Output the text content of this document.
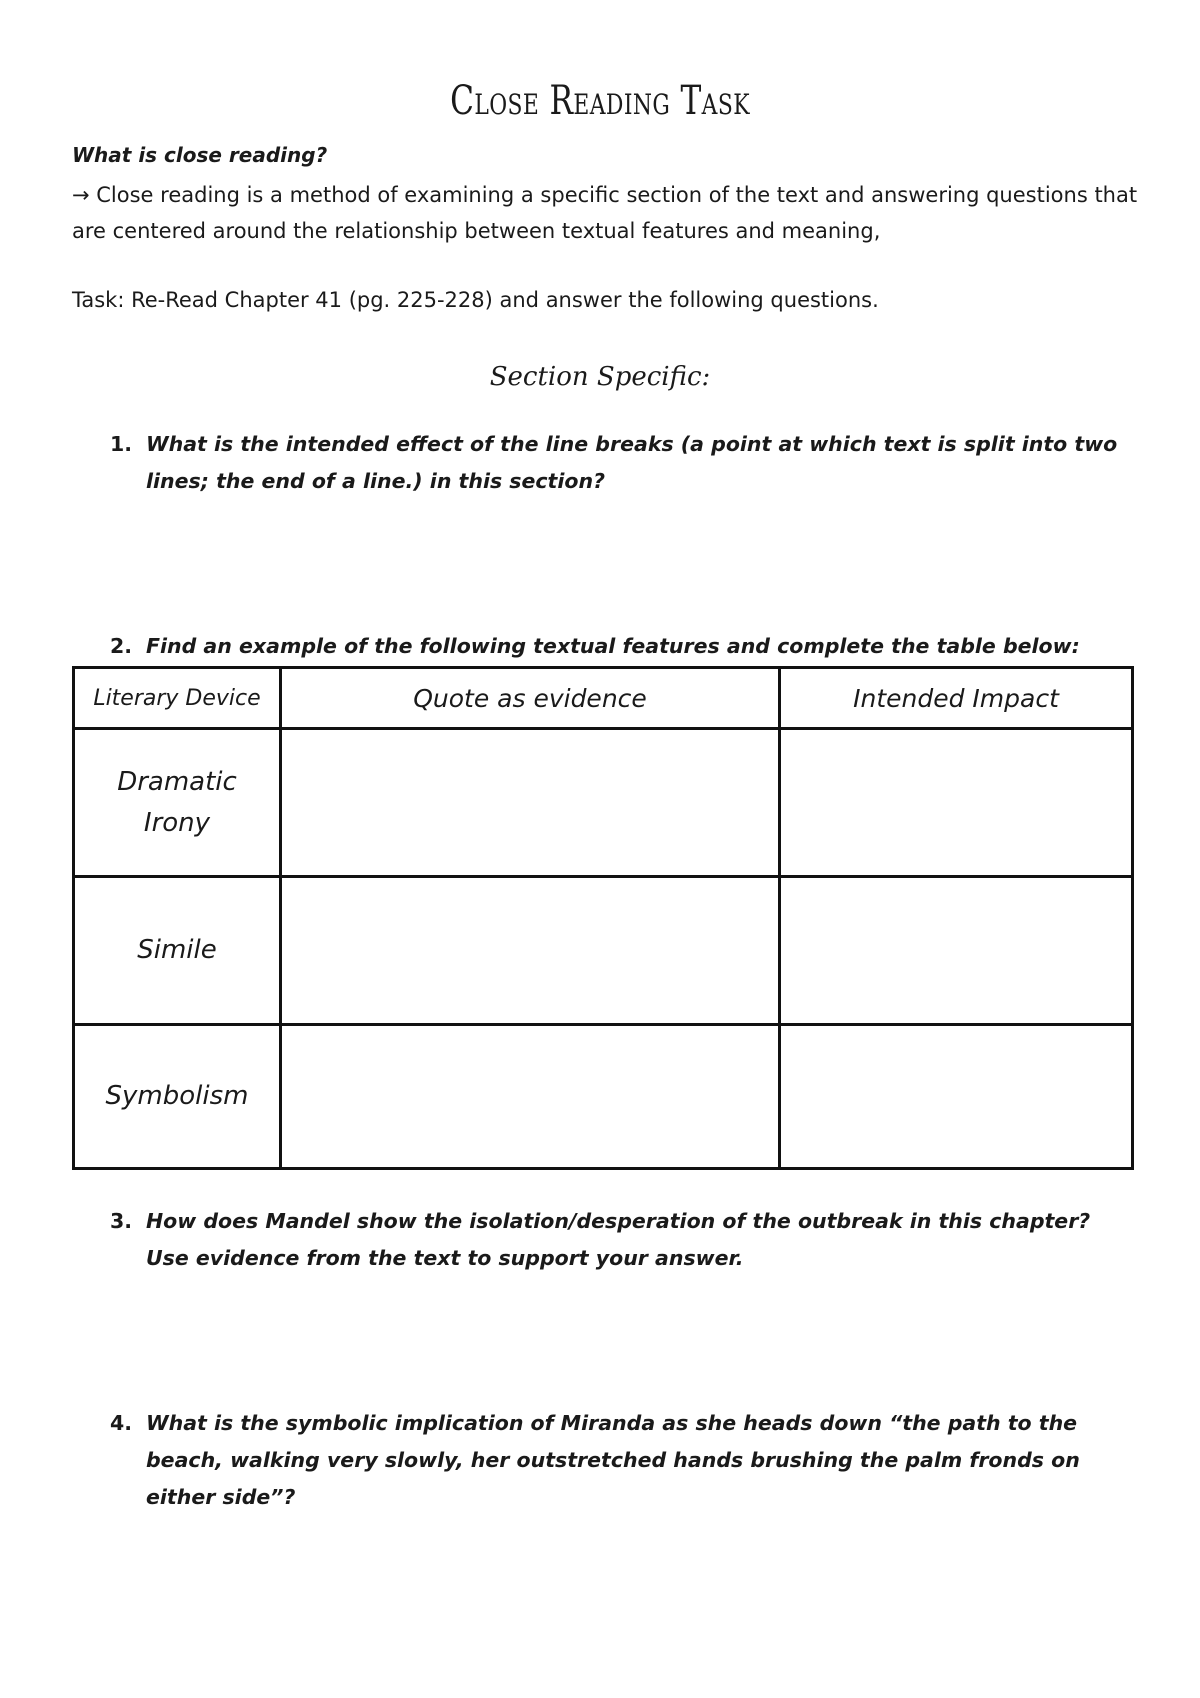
Close Reading Task
What is close reading?
→ Close reading is a method of examining a specific section of the text and answering questions that are centered around the relationship between textual features and meaning,
Task: Re-Read Chapter 41 (pg. 225-228) and answer the following questions.
Section Specific:
1. What is the intended effect of the line breaks (a point at which text is split into two lines; the end of a line.) in this section?
2. Find an example of the following textual features and complete the table below:
Literary Device	Quote as evidence	Intended Impact
Dramatic Irony		
Simile		
Symbolism		
3. How does Mandel show the isolation/desperation of the outbreak in this chapter? Use evidence from the text to support your answer.
4. What is the symbolic implication of Miranda as she heads down “the path to the beach, walking very slowly, her outstretched hands brushing the palm fronds on either side”?
